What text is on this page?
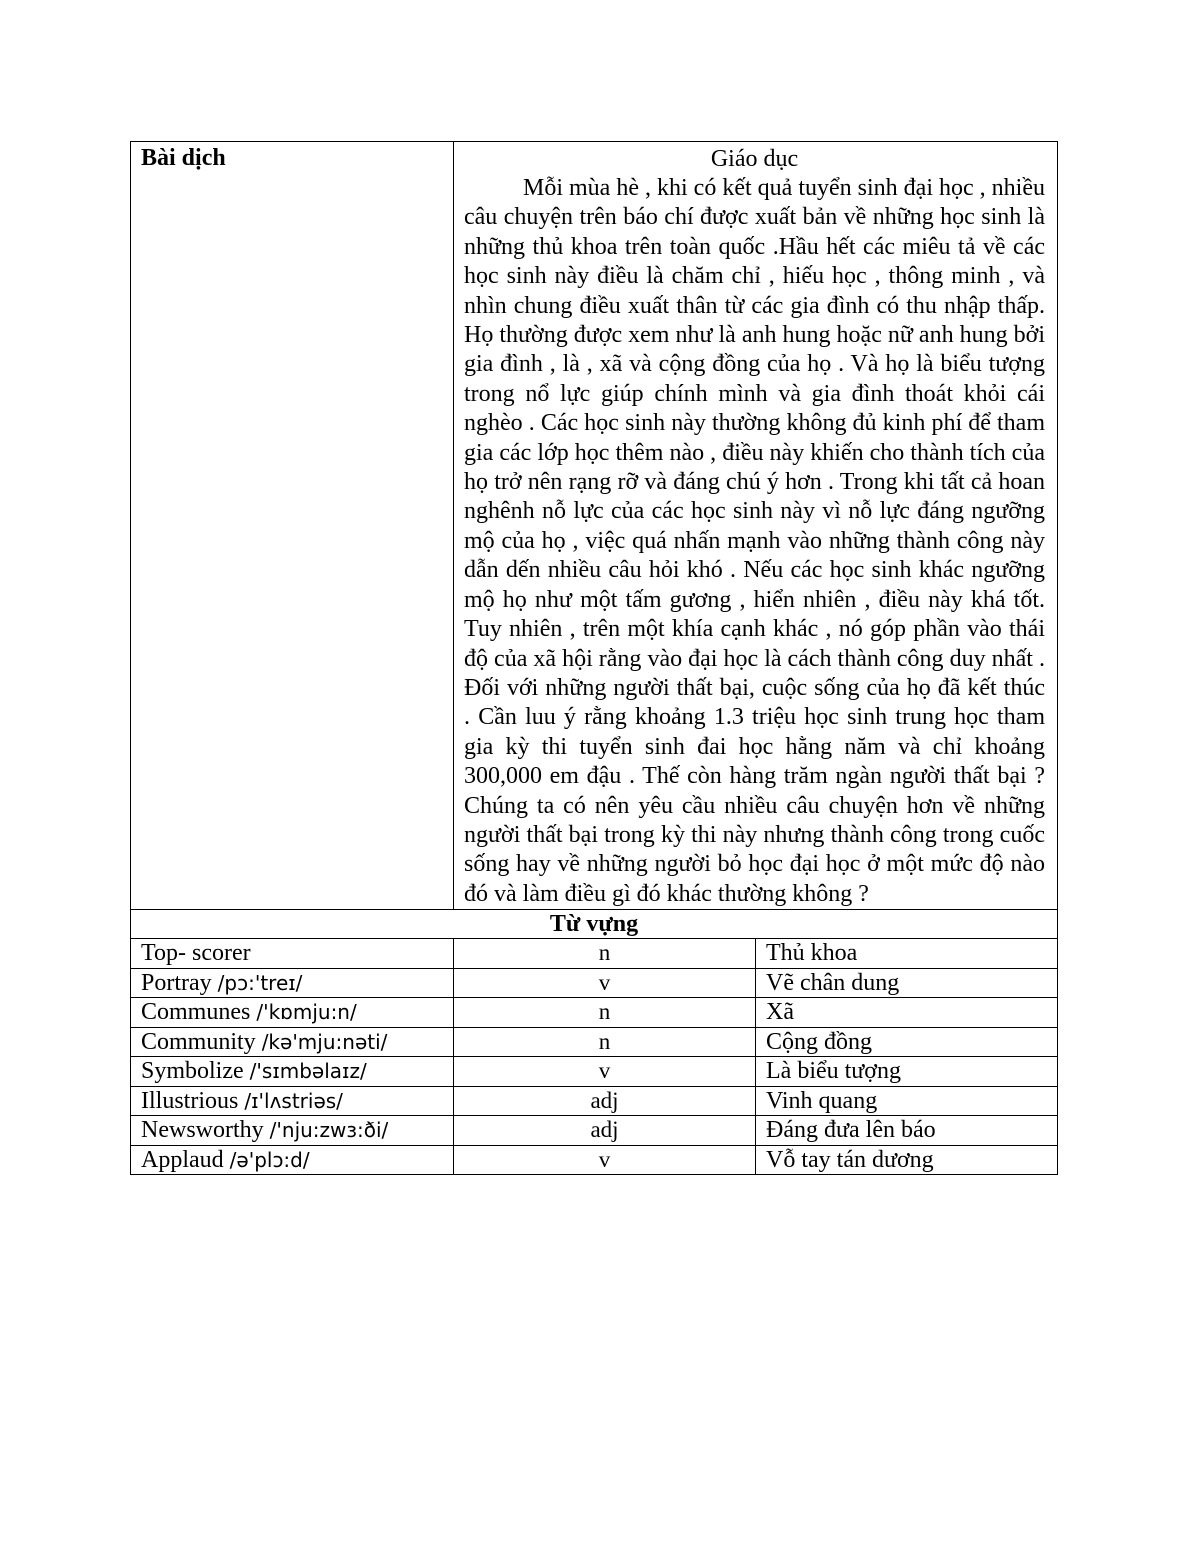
Bài dịch	Giáo dục

Mỗi mùa hè , khi có kết quả tuyển sinh đại học , nhiều câu chuyện trên báo chí được xuất bản về những học sinh là những thủ khoa trên toàn quốc .Hầu hết các miêu tả về các học sinh này điều là chăm chỉ , hiếu học , thông minh , và nhìn chung điều xuất thân từ các gia đình có thu nhập thấp. Họ thường được xem như là anh hung hoặc nữ anh hung bởi gia đình , là , xã và cộng đồng của họ . Và họ là biểu tượng trong nổ lực giúp chính mình và gia đình thoát khỏi cái nghèo . Các học sinh này thường không đủ kinh phí để tham gia các lớp học thêm nào , điều này khiến cho thành tích của họ trở nên rạng rỡ và đáng chú ý hơn . Trong khi tất cả hoan nghênh nỗ lực của các học sinh này vì nỗ lực đáng ngưỡng mộ của họ , việc quá nhấn mạnh vào những thành công này dẫn dến nhiều câu hỏi khó . Nếu các học sinh khác ngưỡng mộ họ như một tấm gương , hiển nhiên , điều này khá tốt. Tuy nhiên , trên một khía cạnh khác , nó góp phần vào thái độ của xã hội rằng vào đại học là cách thành công duy nhất . Đối với những người thất bại, cuộc sống của họ đã kết thúc . Cần luu ý rằng khoảng 1.3 triệu học sinh trung học tham gia kỳ thi tuyển sinh đai học hằng năm và chỉ khoảng 300,000 em đậu . Thế còn hàng trăm ngàn người thất bại ? Chúng ta có nên yêu cầu nhiều câu chuyện hơn về những người thất bại trong kỳ thi này nhưng thành công trong cuốc sống hay về những người bỏ học đại học ở một mức độ nào đó và làm điều gì đó khác thường không ?	

Từ vựng		
Top- scorer	n	Thủ khoa
Portray /pɔ:'treɪ/	v	Vẽ chân dung
Communes /'kɒmju:n/	n	Xã
Community /kə'mju:nəti/	n	Cộng đồng
Symbolize /'sɪmbəlaɪz/	v	Là biểu tượng
Illustrious /ɪ'lʌstriəs/	adj	Vinh quang
Newsworthy /'nju:zwɜ:ði/	adj	Đáng đưa lên báo
Applaud /ə'plɔ:d/	v	Vỗ tay tán dương
